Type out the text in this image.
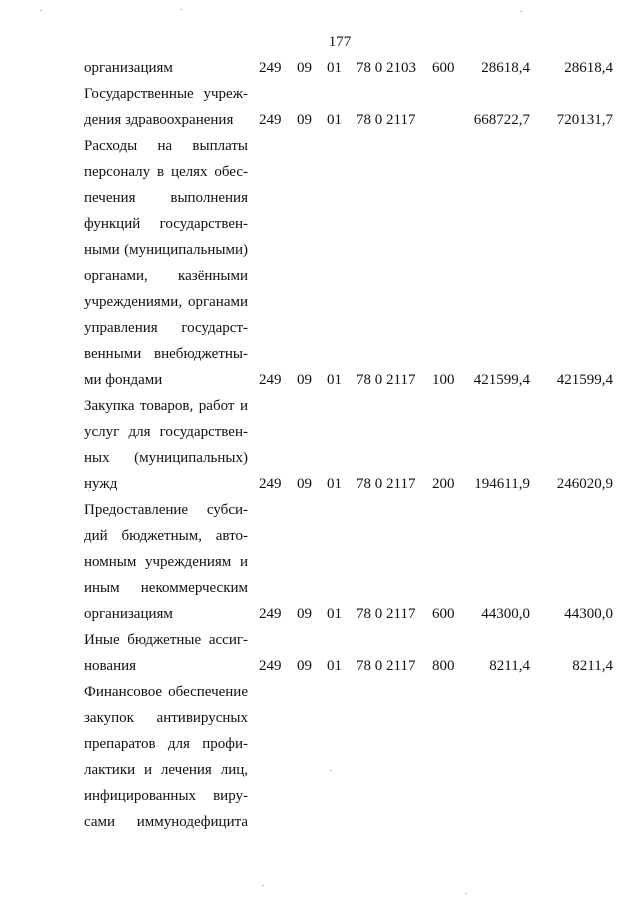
177
организациям	249 09 01 78 0 2103 600 28618,4 28618,4
Государственные учреж-
дения здравоохранения	249 09 01 78 0 2117	668722,7 720131,7
Расходы на выплаты
персоналу в целях обес-
печения выполнения
функций государствен-
ными (муниципальными)
органами, казёнными
учреждениями, органами
управления государст-
венными внебюджетны-
ми фондами	249 09 01 78 0 2117 100 421599,4 421599,4
Закупка товаров, работ и
услуг для государствен-
ных (муниципальных)
нужд	249 09 01 78 0 2117 200 194611,9 246020,9
Предоставление субси-
дий бюджетным, авто-
номным учреждениям и
иным некоммерческим
организациям	249 09 01 78 0 2117 600 44300,0 44300,0
Иные бюджетные ассиг-
нования	249 09 01 78 0 2117 800 8211,4	8211,4
Финансовое обеспечение
закупок антивирусных
препаратов для профи-
лактики и лечения лиц,
инфицированных виру-
сами иммунодефицита
